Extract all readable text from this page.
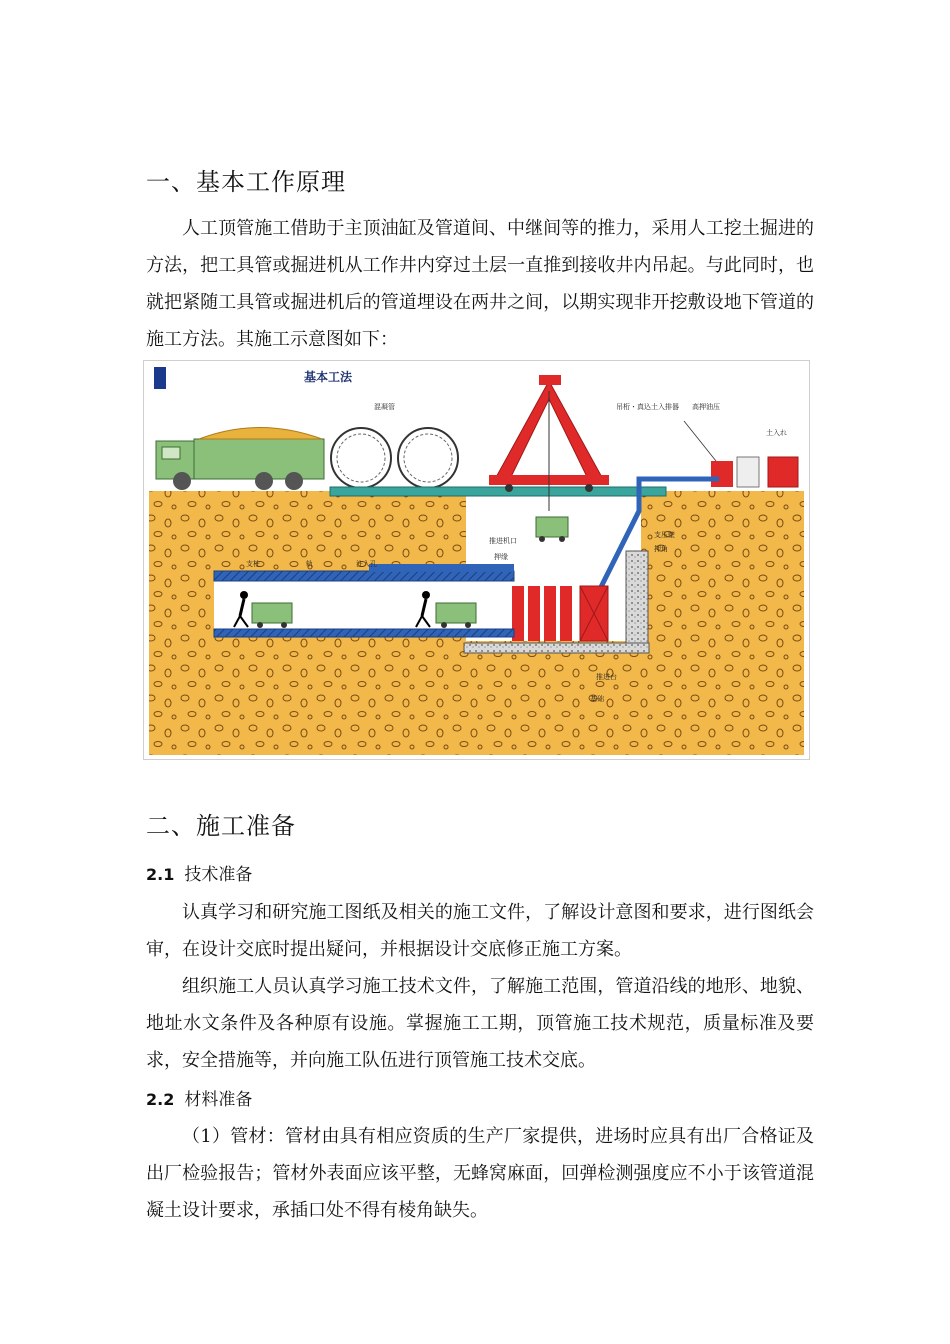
一、基本工作原理
人工顶管施工借助于主顶油缸及管道间、中继间等的推力，采用人工挖土掘进的方法，把工具管或掘进机从工作井内穿过土层一直推到接收井内吊起。与此同时，也就把紧随工具管或掘进机后的管道埋设在两井之间，以期实现非开挖敷设地下管道的施工方法。其施工示意图如下：
基本工法
混凝管	吊桁・真込土入排器 高押油压
土入れ
支压壁
押角
支柱	轨	注入孔
推进机口
押缘
推进台
基础
二、施工准备
2.1 技术准备
认真学习和研究施工图纸及相关的施工文件，了解设计意图和要求，进行图纸会审，在设计交底时提出疑问，并根据设计交底修正施工方案。
组织施工人员认真学习施工技术文件，了解施工范围，管道沿线的地形、地貌、地址水文条件及各种原有设施。掌握施工工期，顶管施工技术规范，质量标准及要求，安全措施等，并向施工队伍进行顶管施工技术交底。
2.2 材料准备
（1）管材：管材由具有相应资质的生产厂家提供，进场时应具有出厂合格证及出厂检验报告；管材外表面应该平整，无蜂窝麻面，回弹检测强度应不小于该管道混凝土设计要求，承插口处不得有棱角缺失。
